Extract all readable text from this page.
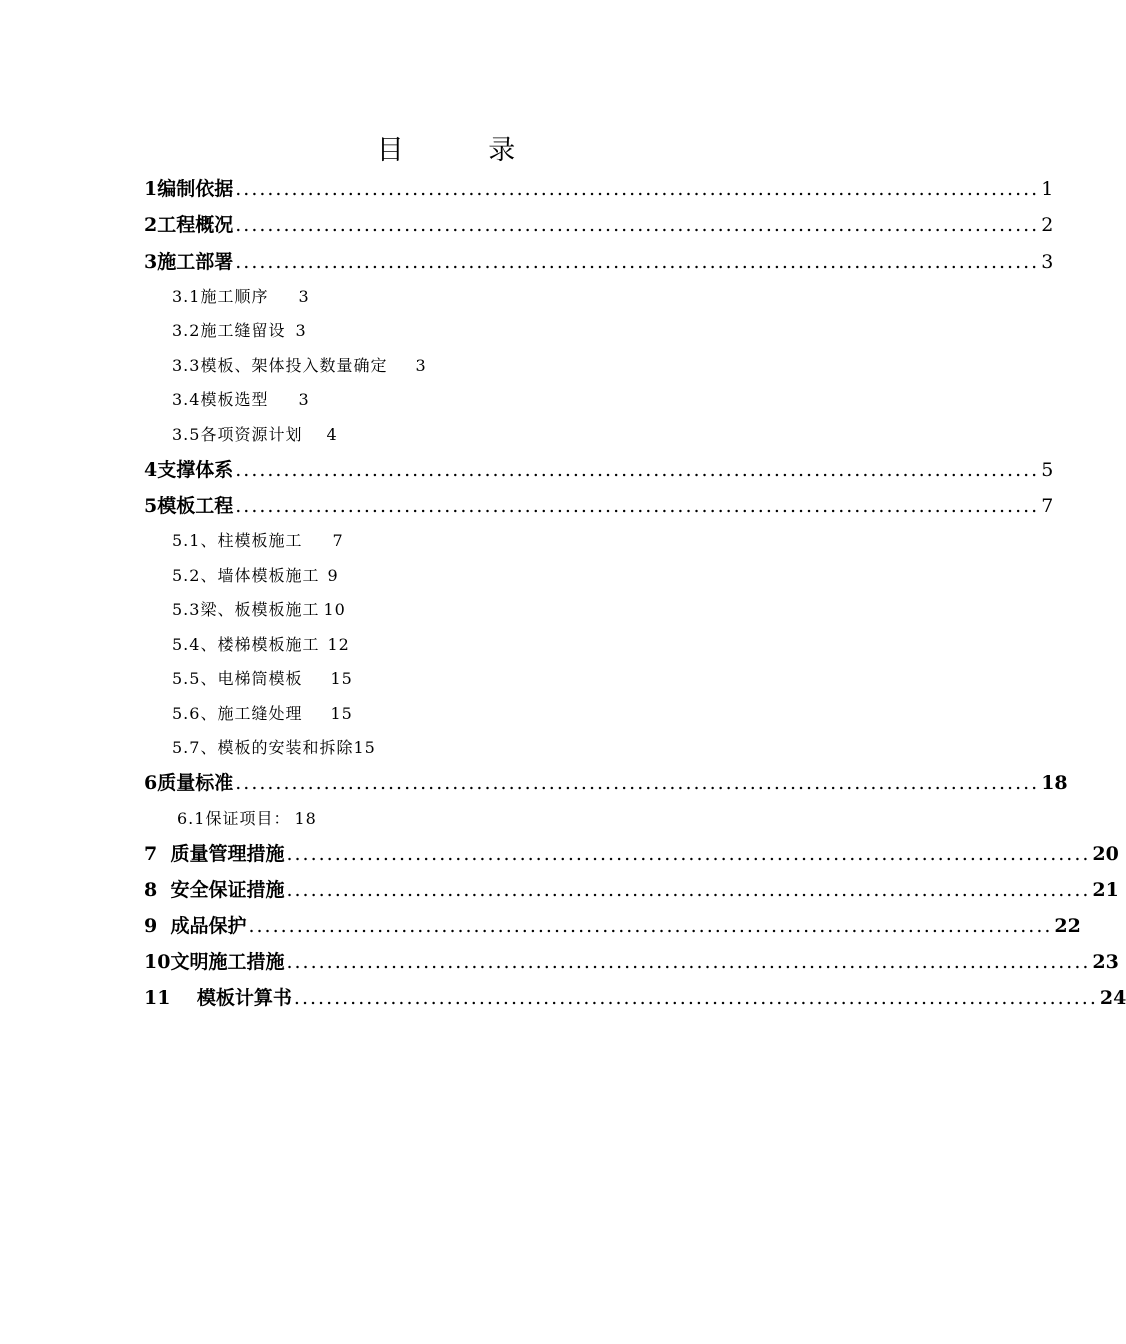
目 录
1编制依据 .................................................................................................... 1
2工程概况 .................................................................................................... 2
3施工部署 .................................................................................................... 3
3.1施工顺序 3
3.2施工缝留设 3
3.3模板、架体投入数量确定 3
3.4模板选型 3
3.5各项资源计划 4
4支撑体系 .................................................................................................... 5
5模板工程 .................................................................................................... 7
5.1、柱模板施工 7
5.2、墙体模板施工 9
5.3梁、板模板施工 10
5.4、楼梯模板施工 12
5.5、电梯筒模板 15
5.6、施工缝处理 15
5.7、模板的安装和拆除 15
6质量标准 .................................................................................................... 18
6.1保证项目： 18
7  质量管理措施 .................................................................................................... 20
8  安全保证措施 .................................................................................................... 21
9  成品保护 .................................................................................................... 22
10文明施工措施 .................................................................................................... 23
11    模板计算书 .................................................................................................... 24
